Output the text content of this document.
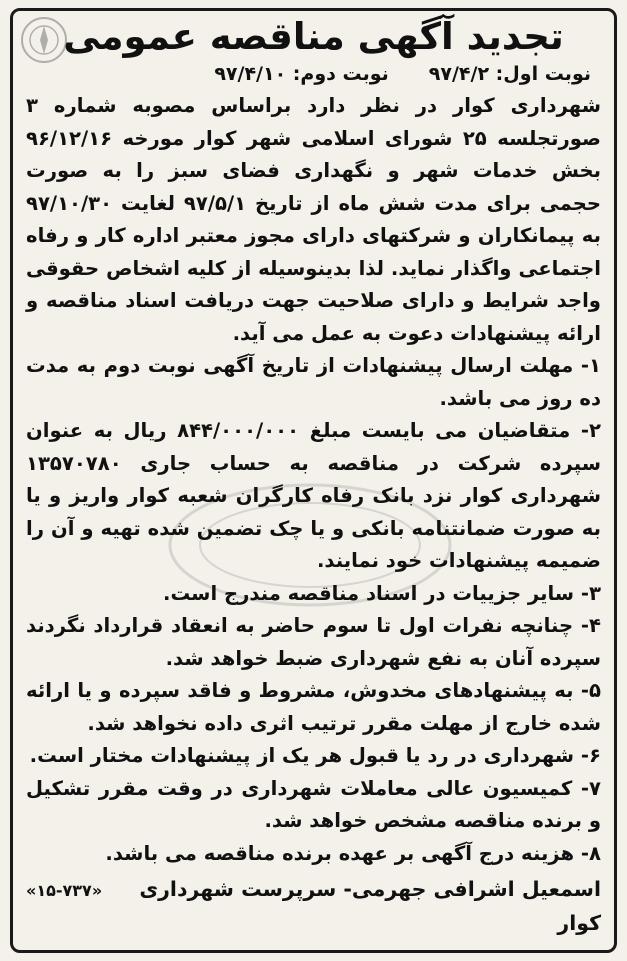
تجدید آگهی مناقصه عمومی
نوبت اول: ۹۷/۴/۲
نوبت دوم: ۹۷/۴/۱۰

شهرداری کوار در نظر دارد براساس مصوبه شماره ۳ صورتجلسه ۲۵ شورای اسلامی شهر کوار مورخه ۹۶/۱۲/۱۶ بخش خدمات شهر و نگهداری فضای سبز را به صورت حجمی برای مدت شش ماه از تاریخ ۹۷/۵/۱ لغایت ۹۷/۱۰/۳۰ به پیمانکاران و شرکتهای دارای مجوز معتبر اداره کار و رفاه اجتماعی واگذار نماید. لذا بدینوسیله از کلیه اشخاص حقوقی واجد شرایط و دارای صلاحیت جهت دریافت اسناد مناقصه و ارائه پیشنهادات دعوت به عمل می آید.

۱- مهلت ارسال پیشنهادات از تاریخ آگهی نوبت دوم به مدت ده روز می باشد.

۲- متقاضیان می بایست مبلغ ۸۴۴/۰۰۰/۰۰۰ ریال به عنوان سپرده شرکت در مناقصه به حساب جاری ۱۳۵۷۰۷۸۰ شهرداری کوار نزد بانک رفاه کارگران شعبه کوار واریز و یا به صورت ضمانتنامه بانکی و یا چک تضمین شده تهیه و آن را ضمیمه پیشنهادات خود نمایند.

۳- سایر جزییات در اسناد مناقصه مندرج است.

۴- چنانچه نفرات اول تا سوم حاضر به انعقاد قرارداد نگردند سپرده آنان به نفع شهرداری ضبط خواهد شد.

۵- به پیشنهادهای مخدوش، مشروط و فاقد سپرده و یا ارائه شده خارج از مهلت مقرر ترتیب اثری داده نخواهد شد.

۶- شهرداری در رد یا قبول هر یک از پیشنهادات مختار است.

۷- کمیسیون عالی معاملات شهرداری در وقت مقرر تشکیل و برنده مناقصه مشخص خواهد شد.

۸- هزینه درج آگهی بر عهده برنده مناقصه می باشد.

اسمعیل اشرافی جهرمی- سرپرست شهرداری کوار
«۱۵-۷۳۷»
